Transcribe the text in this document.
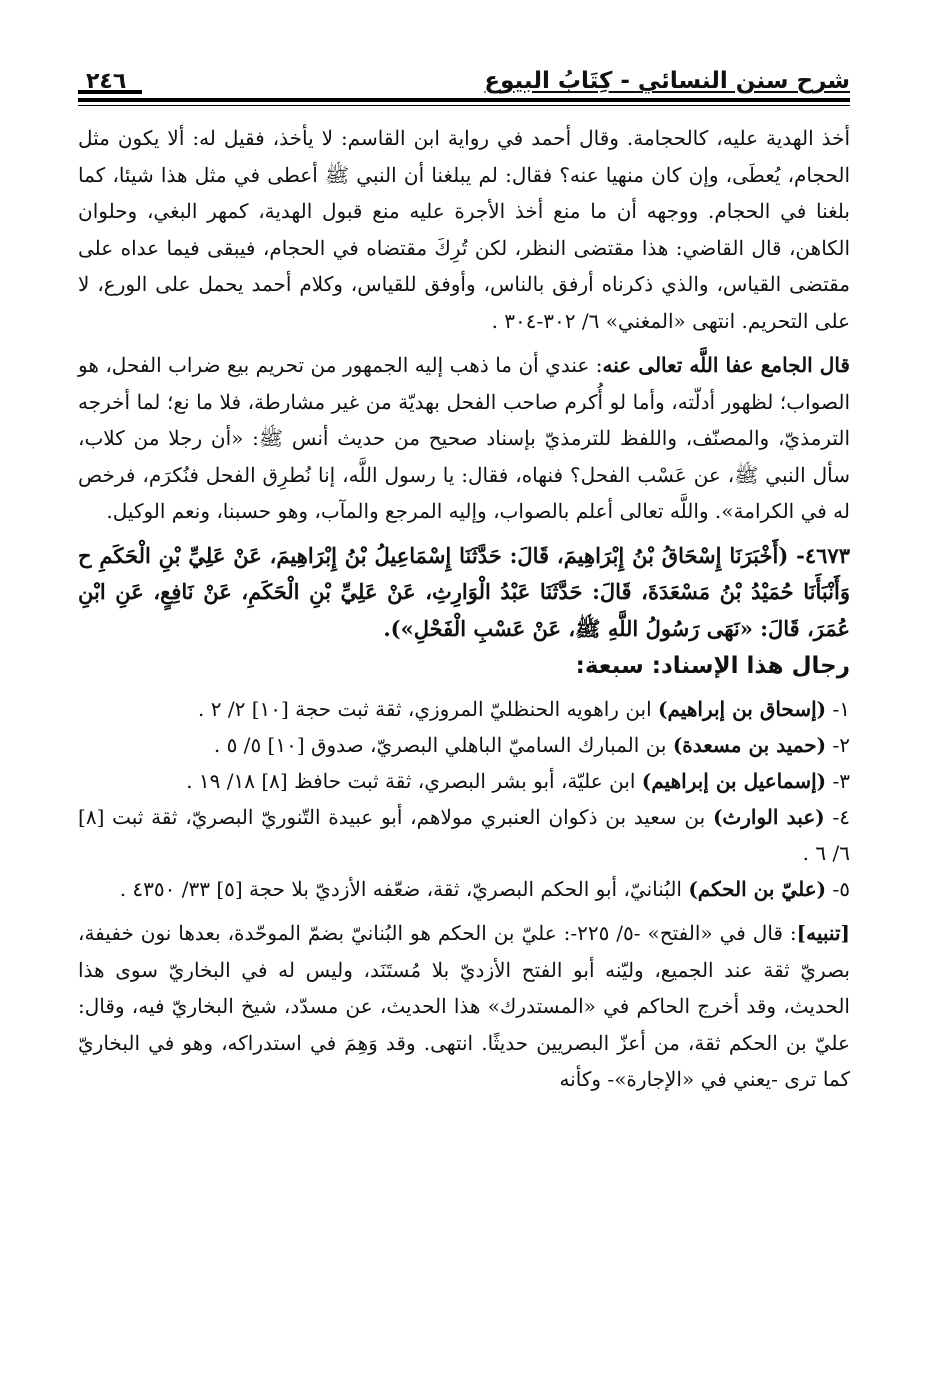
شرح سنن النسائي - كِتَابُ البيوع
٢٤٦

أخذ الهدية عليه، كالحجامة. وقال أحمد في رواية ابن القاسم: لا يأخذ، فقيل له: ألا يكون مثل الحجام، يُعطَى، وإن كان منهيا عنه؟ فقال: لم يبلغنا أن النبي ﷺ أعطى في مثل هذا شيئا، كما بلغنا في الحجام. ووجهه أن ما منع أخذ الأجرة عليه منع قبول الهدية، كمهر البغي، وحلوان الكاهن، قال القاضي: هذا مقتضى النظر، لكن تُرِكَ مقتضاه في الحجام، فيبقى فيما عداه على مقتضى القياس، والذي ذكرناه أرفق بالناس، وأوفق للقياس، وكلام أحمد يحمل على الورع، لا على التحريم. انتهى «المغني» ٦/ ٣٠٢-٣٠٤ .

قال الجامع عفا اللَّه تعالى عنه: عندي أن ما ذهب إليه الجمهور من تحريم بيع ضراب الفحل، هو الصواب؛ لظهور أدلّته، وأما لو أُكرم صاحب الفحل بهديّة من غير مشارطة، فلا ما نع؛ لما أخرجه الترمذيّ، والمصنّف، واللفظ للترمذيّ بإسناد صحيح من حديث أنس ﷺ: «أن رجلا من كلاب، سأل النبي ﷺ، عن عَسْب الفحل؟ فنهاه، فقال: يا رسول اللَّه، إنا نُطرِق الفحل فنُكرَم، فرخص له في الكرامة». واللَّه تعالى أعلم بالصواب، وإليه المرجع والمآب، وهو حسبنا، ونعم الوكيل.

٤٦٧٣- (أَخْبَرَنَا إِسْحَاقُ بْنُ إِبْرَاهِيمَ، قَالَ: حَدَّثَنَا إِسْمَاعِيلُ بْنُ إِبْرَاهِيمَ، عَنْ عَلِيِّ بْنِ الْحَكَمِ ح وَأَنْبَأَنَا حُمَيْدُ بْنُ مَسْعَدَةَ، قَالَ: حَدَّثَنَا عَبْدُ الْوَارِثِ، عَنْ عَلِيِّ بْنِ الْحَكَمِ، عَنْ نَافِعٍ، عَنِ ابْنِ عُمَرَ، قَالَ: «نَهَى رَسُولُ اللَّهِ ﷺ، عَنْ عَسْبِ الْفَحْلِ»).

رجال هذا الإسناد: سبعة:

١- (إسحاق بن إبراهيم) ابن راهويه الحنظليّ المروزي، ثقة ثبت حجة [١٠] ٢/ ٢ .

٢- (حميد بن مسعدة) بن المبارك الساميّ الباهلي البصريّ، صدوق [١٠] ٥/ ٥ .

٣- (إسماعيل بن إبراهيم) ابن عليّة، أبو بشر البصري، ثقة ثبت حافظ [٨] ١٨/ ١٩ .

٤- (عبد الوارث) بن سعيد بن ذكوان العنبري مولاهم، أبو عبيدة التّنوريّ البصريّ، ثقة ثبت [٨] ٦/ ٦ .

٥- (عليّ بن الحكم) البُنانيّ، أبو الحكم البصريّ، ثقة، ضعّفه الأزديّ بلا حجة [٥] ٣٣/ ٤٣٥٠ .

[تنبيه]: قال في «الفتح» -٥/ ٢٢٥-: عليّ بن الحكم هو البُنانيّ بضمّ الموحّدة، بعدها نون خفيفة، بصريّ ثقة عند الجميع، وليّنه أبو الفتح الأزديّ بلا مُستَنَد، وليس له في البخاريّ سوى هذا الحديث، وقد أخرج الحاكم في «المستدرك» هذا الحديث، عن مسدّد، شيخ البخاريّ فيه، وقال: عليّ بن الحكم ثقة، من أعزّ البصريين حديثًا. انتهى. وقد وَهِمَ في استدراكه، وهو في البخاريّ كما ترى -يعني في «الإجارة»- وكأنه
